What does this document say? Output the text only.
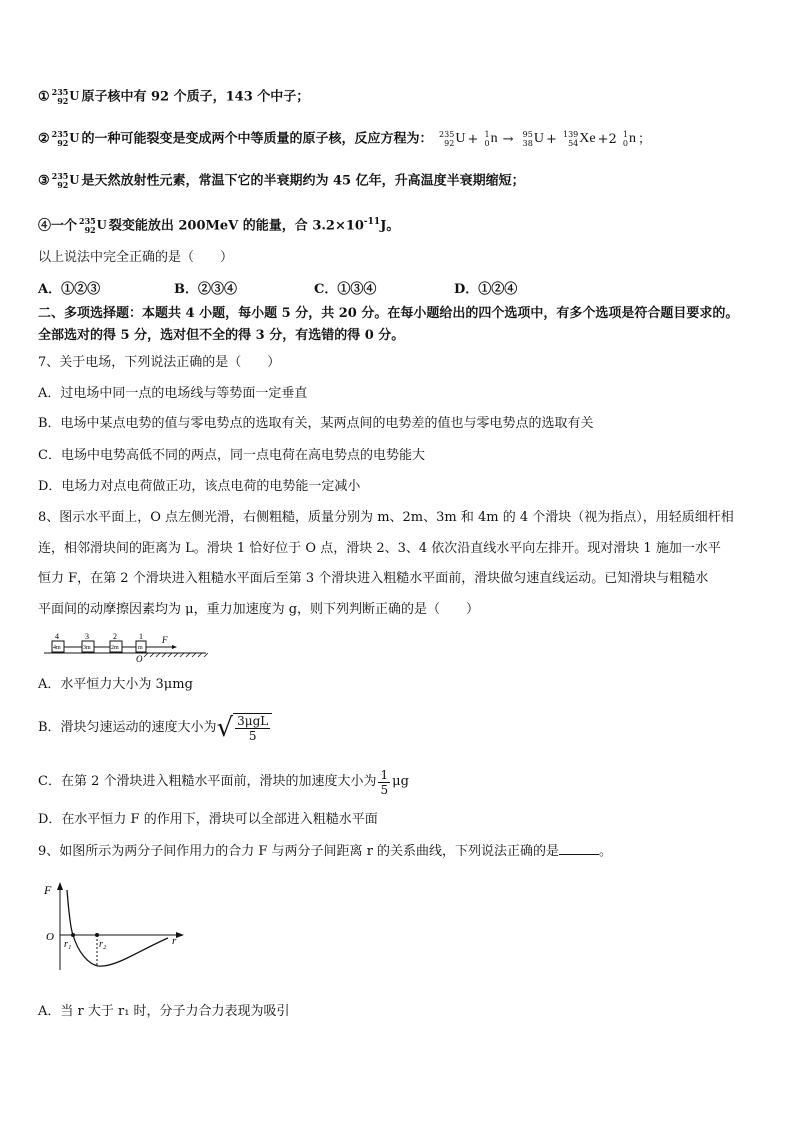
① 235
92 U 原子核中有 92 个质子，143 个中子；
② 235
92 U 的一种可能裂变是变成两个中等质量的原子核，反应方程为： 235
92 U + 1
0 n → 95
38 U + 139
54 Xe +2 1
0 n ；
③ 235
92 U 是天然放射性元素，常温下它的半衰期约为 45 亿年，升高温度半衰期缩短；
④一个 235
92 U 裂变能放出 200MeV 的能量，合 $3.2\times 10^{-11}J$。
以上说法中完全正确的是（　　）
A．①②③	B．②③④	C．①③④	D．①②④
二、多项选择题：本题共 4 小题，每小题 5 分，共 20 分。在每小题给出的四个选项中，有多个选项是符合题目要求的。
全部选对的得 5 分，选对但不全的得 3 分，有选错的得 0 分。
7、关于电场，下列说法正确的是（　　）
A．过电场中同一点的电场线与等势面一定垂直
B．电场中某点电势的值与零电势点的选取有关，某两点间的电势差的值也与零电势点的选取有关
C．电场中电势高低不同的两点，同一点电荷在高电势点的电势能大
D．电场力对点电荷做正功，该点电荷的电势能一定减小
8、图示水平面上，O 点左侧光滑，右侧粗糙，质量分别为 m、2m、3m 和 4m 的 4 个滑块（视为指点），用轻质细杆相
连，相邻滑块间的距离为 L。滑块 1 恰好位于 O 点，滑块 2、3、4 依次沿直线水平向左排开。现对滑块 1 施加一水平
恒力 F，在第 2 个滑块进入粗糙水平面后至第 3 个滑块进入粗糙水平面前，滑块做匀速直线运动。已知滑块与粗糙水
平面间的动摩擦因素均为 μ，重力加速度为 g，则下列判断正确的是（　　）
4	3	2	1
4m	3m	2m	m
F
O
A．水平恒力大小为 3μmg
B．滑块匀速运动的速度大小为 √ $\frac{\text{3μgL}}{5}$
C．在第 2 个滑块进入粗糙水平面前，滑块的加速度大小为 $\frac{1}{5}$ μg
D．在水平恒力 F 的作用下，滑块可以全部进入粗糙水平面
9、如图所示为两分子间作用力的合力 F 与两分子间距离 r 的关系曲线，下列说法正确的是	。
F
O
r₁	r₂	r
A．当 r 大于 r₁ 时，分子力合力表现为吸引
